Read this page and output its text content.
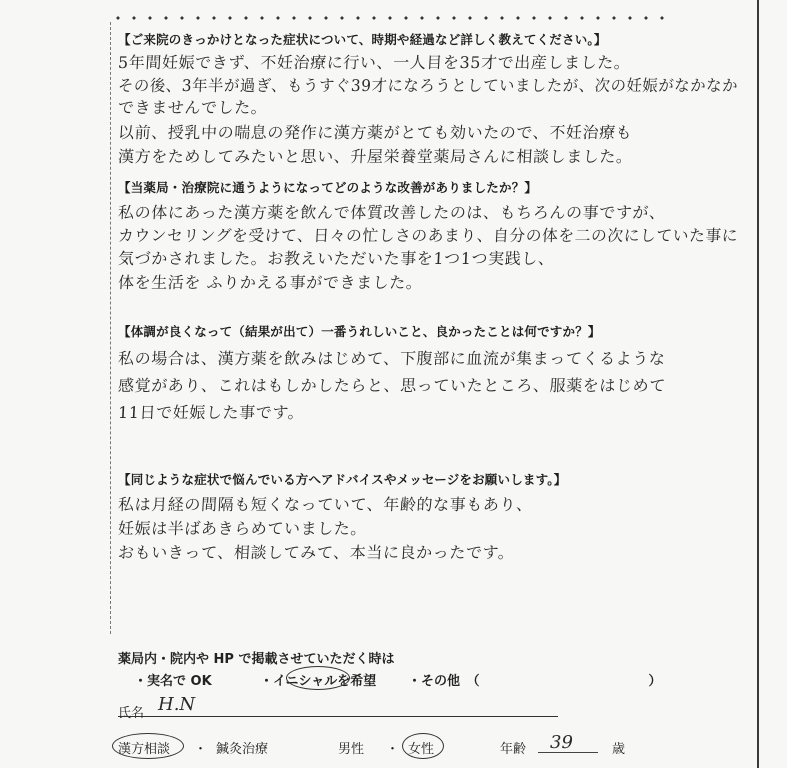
【ご来院のきっかけとなった症状について、時期や経過など詳しく教えてください。】
5年間妊娠できず、不妊治療に行い、一人目を35才で出産しました。
その後、3年半が過ぎ、もうすぐ39才になろうとしていましたが、次の妊娠がなかなか
できませんでした。
以前、授乳中の喘息の発作に漢方薬がとても効いたので、不妊治療も
漢方をためしてみたいと思い、升屋栄養堂薬局さんに相談しました。
【当薬局・治療院に通うようになってどのような改善がありましたか？】
私の体にあった漢方薬を飲んで体質改善したのは、もちろんの事ですが、
カウンセリングを受けて、日々の忙しさのあまり、自分の体を二の次にしていた事に
気づかされました。お教えいただいた事を1つ1つ実践し、
体を生活を ふりかえる事ができました。
【体調が良くなって（結果が出て）一番うれしいこと、良かったことは何ですか？】
私の場合は、漢方薬を飲みはじめて、下腹部に血流が集まってくるような
感覚があり、これはもしかしたらと、思っていたところ、服薬をはじめて
11日で妊娠した事です。
【同じような症状で悩んでいる方へアドバイスやメッセージをお願いします。】
私は月経の間隔も短くなっていて、年齢的な事もあり、
妊娠は半ばあきらめていました。
おもいきって、相談してみて、本当に良かったです。
薬局内・院内や HP で掲載させていただく時は
・実名で OK	・イニシャルを希望 ・その他　（　　　　　　　　　　　　　）
氏名 H.N
漢方相談 ・ 鍼灸治療	男性 ・ 女性	年齢 39	歳
